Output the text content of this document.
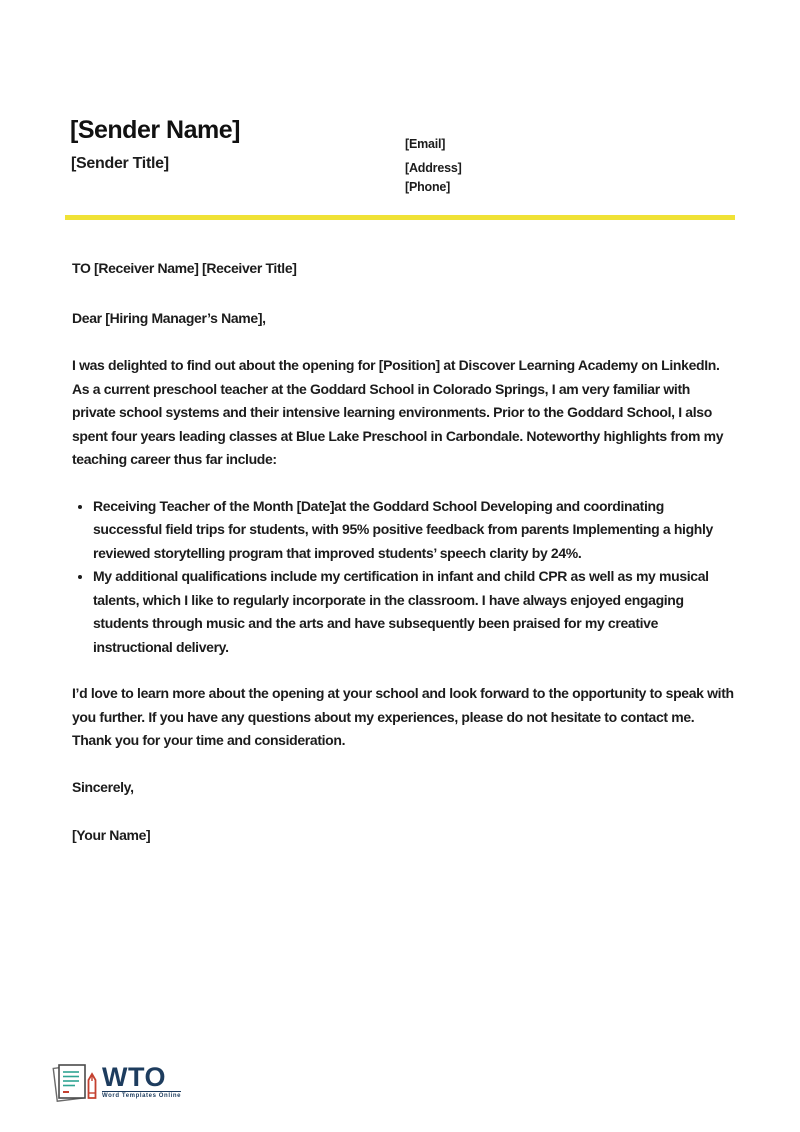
[Sender Name]
[Sender Title]
[Email]
[Address]
[Phone]

TO [Receiver Name] [Receiver Title]

Dear [Hiring Manager’s Name],

I was delighted to find out about the opening for [Position] at Discover Learning Academy on LinkedIn. As a current preschool teacher at the Goddard School in Colorado Springs, I am very familiar with private school systems and their intensive learning environments. Prior to the Goddard School, I also spent four years leading classes at Blue Lake Preschool in Carbondale. Noteworthy highlights from my teaching career thus far include:

• Receiving Teacher of the Month [Date]at the Goddard School Developing and coordinating successful field trips for students, with 95% positive feedback from parents Implementing a highly reviewed storytelling program that improved students’ speech clarity by 24%.
• My additional qualifications include my certification in infant and child CPR as well as my musical talents, which I like to regularly incorporate in the classroom. I have always enjoyed engaging students through music and the arts and have subsequently been praised for my creative instructional delivery.

I’d love to learn more about the opening at your school and look forward to the opportunity to speak with you further. If you have any questions about my experiences, please do not hesitate to contact me. Thank you for your time and consideration.

Sincerely,

[Your Name]

WTO
Word Templates Online
